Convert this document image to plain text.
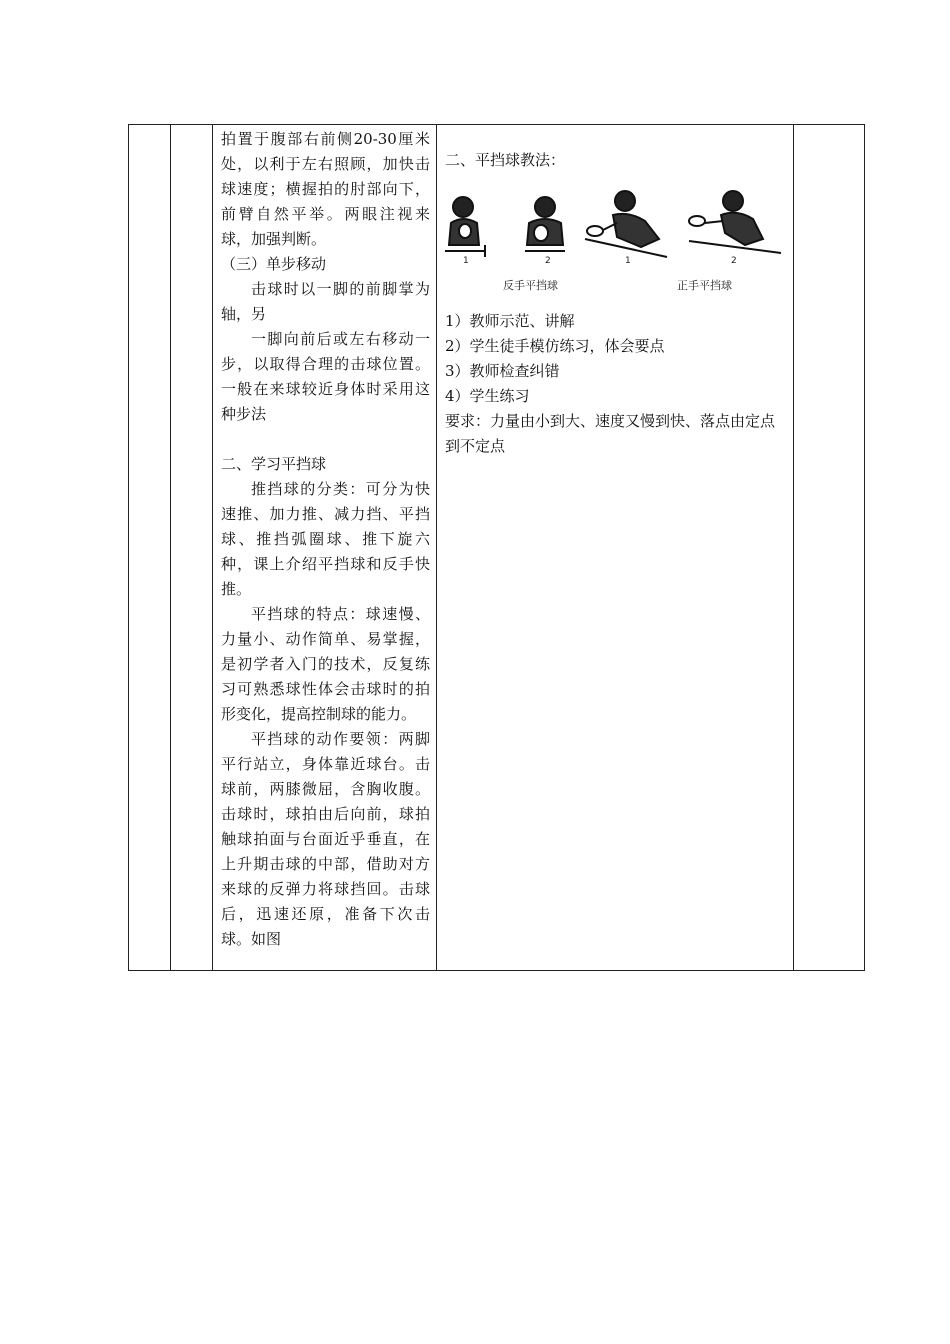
拍置于腹部右前侧20-30厘米处，以利于左右照顾，加快击球速度；横握拍的肘部向下，前臂自然平举。两眼注视来球，加强判断。

（三）单步移动

击球时以一脚的前脚掌为轴，另

一脚向前后或左右移动一步，以取得合理的击球位置。一般在来球较近身体时采用这种步法

二、学习平挡球

推挡球的分类：可分为快速推、加力推、减力挡、平挡球、推挡弧圈球、推下旋六种，课上介绍平挡球和反手快推。

平挡球的特点：球速慢、力量小、动作简单、易掌握，是初学者入门的技术，反复练习可熟悉球性体会击球时的拍形变化，提高控制球的能力。

平挡球的动作要领：两脚平行站立，身体靠近球台。击球前，两膝微屈，含胸收腹。击球时，球拍由后向前，球拍触球拍面与台面近乎垂直，在上升期击球的中部，借助对方来球的反弹力将球挡回。击球后，迅速还原，准备下次击球。如图

二、平挡球教法：

1	2	1	2
反手平挡球	正手平挡球

1）教师示范、讲解

2）学生徒手模仿练习，体会要点

3）教师检查纠错

4）学生练习

要求：力量由小到大、速度又慢到快、落点由定点到不定点
